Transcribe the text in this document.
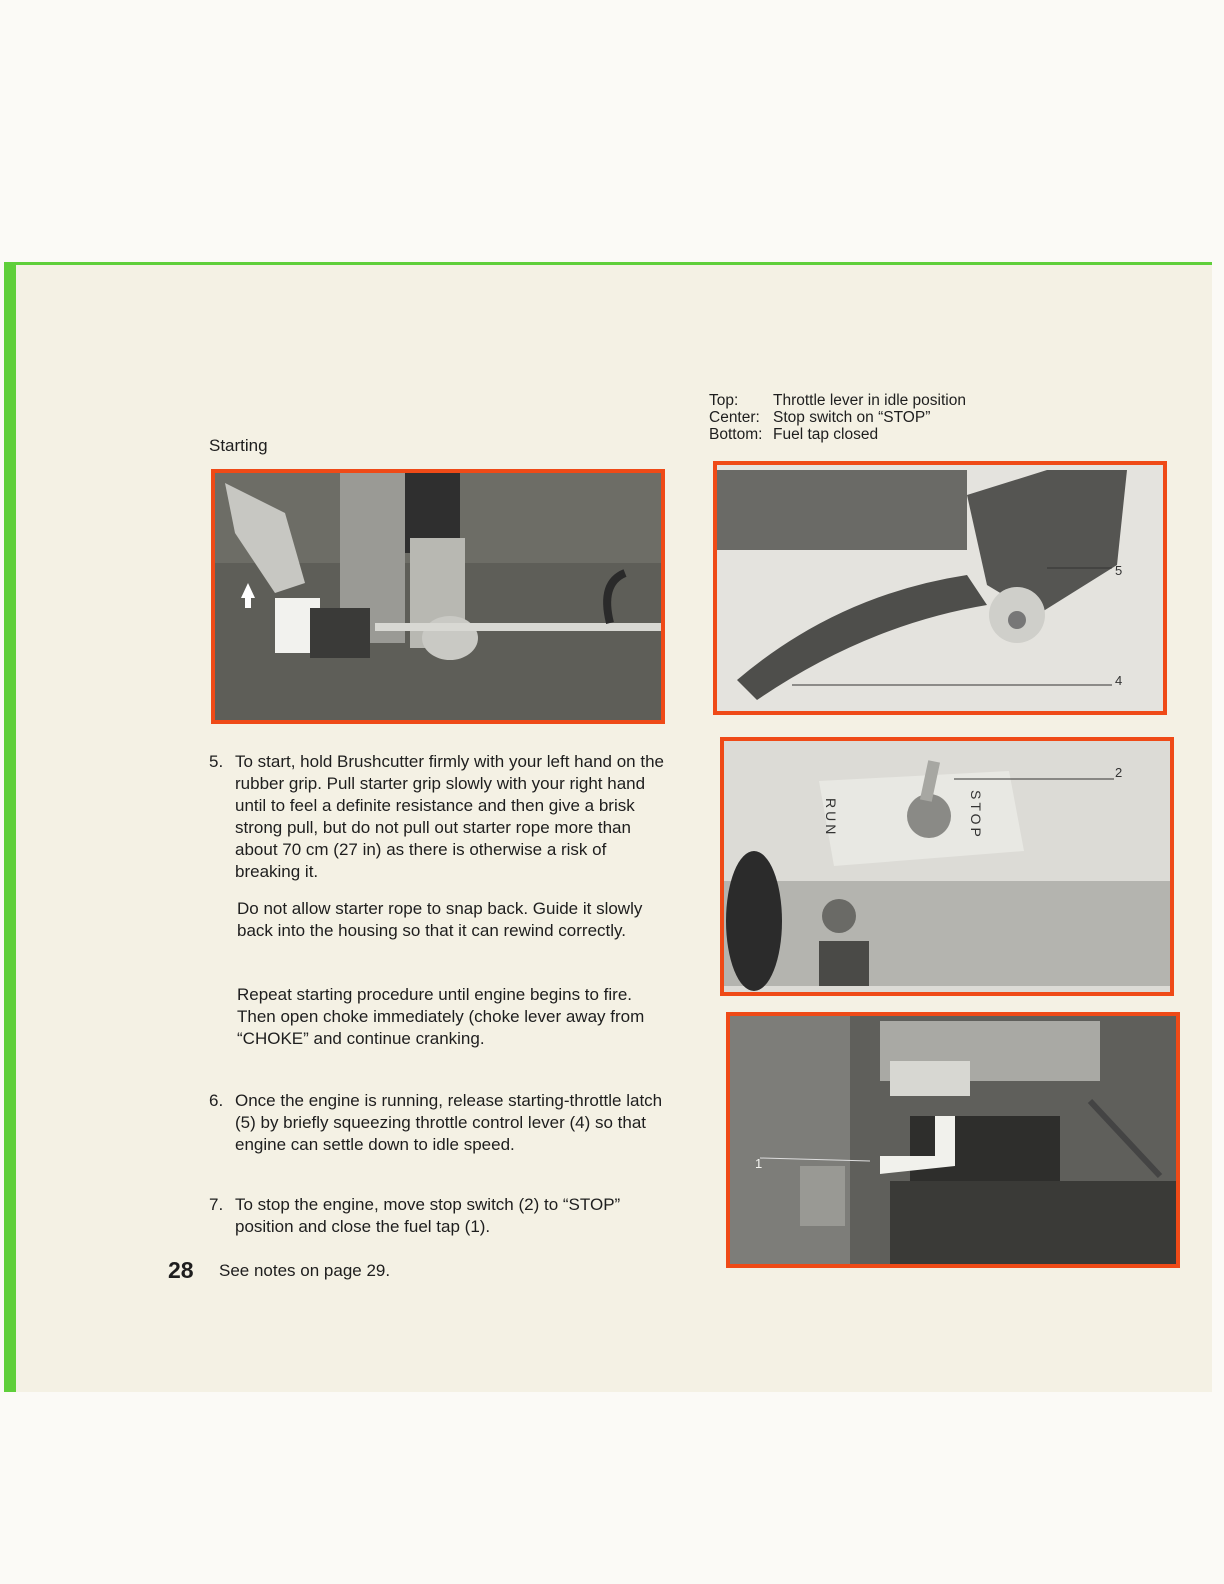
Starting
Top:	Throttle lever in idle position
Center: Stop switch on “STOP”
Bottom: Fuel tap closed
5
4
RUN	STOP
2
1
5. To start, hold Brushcutter firmly with your left hand on the rubber grip. Pull starter grip slowly with your right hand until to feel a definite resistance and then give a brisk strong pull, but do not pull out starter rope more than about 70 cm (27 in) as there is otherwise a risk of breaking it.
Do not allow starter rope to snap back. Guide it slowly back into the housing so that it can rewind correctly.
Repeat starting procedure until engine begins to fire. Then open choke immediately (choke lever away from “CHOKE” and continue cranking.
6. Once the engine is running, release starting-throttle latch (5) by briefly squeezing throttle control lever (4) so that engine can settle down to idle speed.
7. To stop the engine, move stop switch (2) to “STOP” position and close the fuel tap (1).
28 See notes on page 29.
